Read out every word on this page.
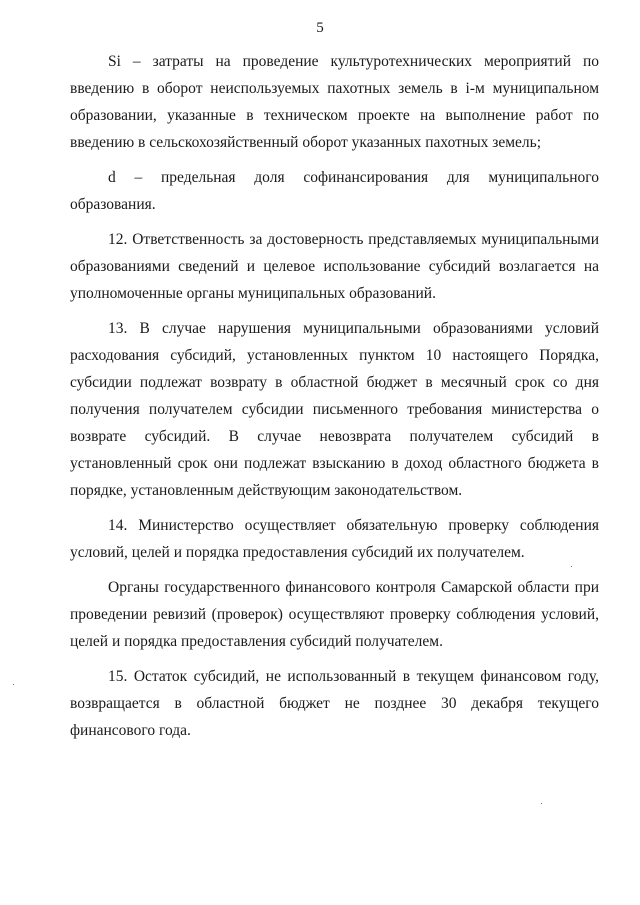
5

Si – затраты на проведение культуротехнических мероприятий по введению в оборот неиспользуемых пахотных земель в i-м муниципальном образовании, указанные в техническом проекте на выполнение работ по введению в сельскохозяйственный оборот указанных пахотных земель;

d – предельная доля софинансирования для муниципального образования.

12. Ответственность за достоверность представляемых муниципальными образованиями сведений и целевое использование субсидий возлагается на уполномоченные органы муниципальных образований.

13. В случае нарушения муниципальными образованиями условий расходования субсидий, установленных пунктом 10 настоящего Порядка, субсидии подлежат возврату в областной бюджет в месячный срок со дня получения получателем субсидии письменного требования министерства о возврате субсидий. В случае невозврата получателем субсидий в установленный срок они подлежат взысканию в доход областного бюджета в порядке, установленным действующим законодательством.

14. Министерство осуществляет обязательную проверку соблюдения условий, целей и порядка предоставления субсидий их получателем.

Органы государственного финансового контроля Самарской области при проведении ревизий (проверок) осуществляют проверку соблюдения условий, целей и порядка предоставления субсидий получателем.

15. Остаток субсидий, не использованный в текущем финансовом году, возвращается в областной бюджет не позднее 30 декабря текущего финансового года.
